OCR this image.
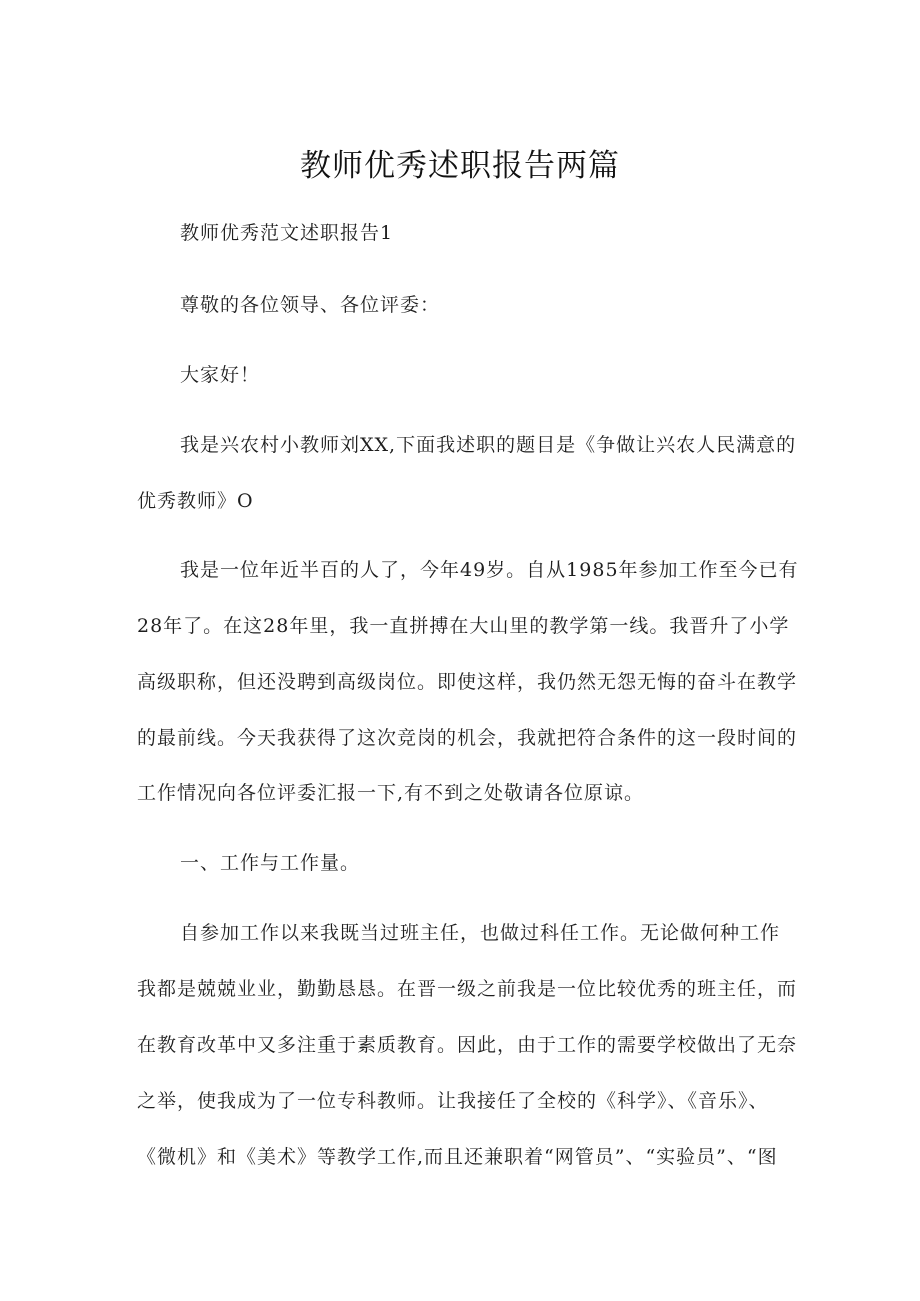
教师优秀述职报告两篇
教师优秀范文述职报告1
尊敬的各位领导、各位评委：
大家好！
我是兴农村小教师刘XX,下面我述职的题目是《争做让兴农人民满意的
优秀教师》O
我是一位年近半百的人了，今年49岁。自从1985年参加工作至今已有
28年了。在这28年里，我一直拼搏在大山里的教学第一线。我晋升了小学
高级职称，但还没聘到高级岗位。即使这样，我仍然无怨无悔的奋斗在教学
的最前线。今天我获得了这次竞岗的机会，我就把符合条件的这一段时间的
工作情况向各位评委汇报一下,有不到之处敬请各位原谅。
一、工作与工作量。
自参加工作以来我既当过班主任，也做过科任工作。无论做何种工作
我都是兢兢业业，勤勤恳恳。在晋一级之前我是一位比较优秀的班主任，而
在教育改革中又多注重于素质教育。因此，由于工作的需要学校做出了无奈
之举，使我成为了一位专科教师。让我接任了全校的《科学》、《音乐》、
《微机》和《美术》等教学工作,而且还兼职着“网管员”、“实验员”、“图
